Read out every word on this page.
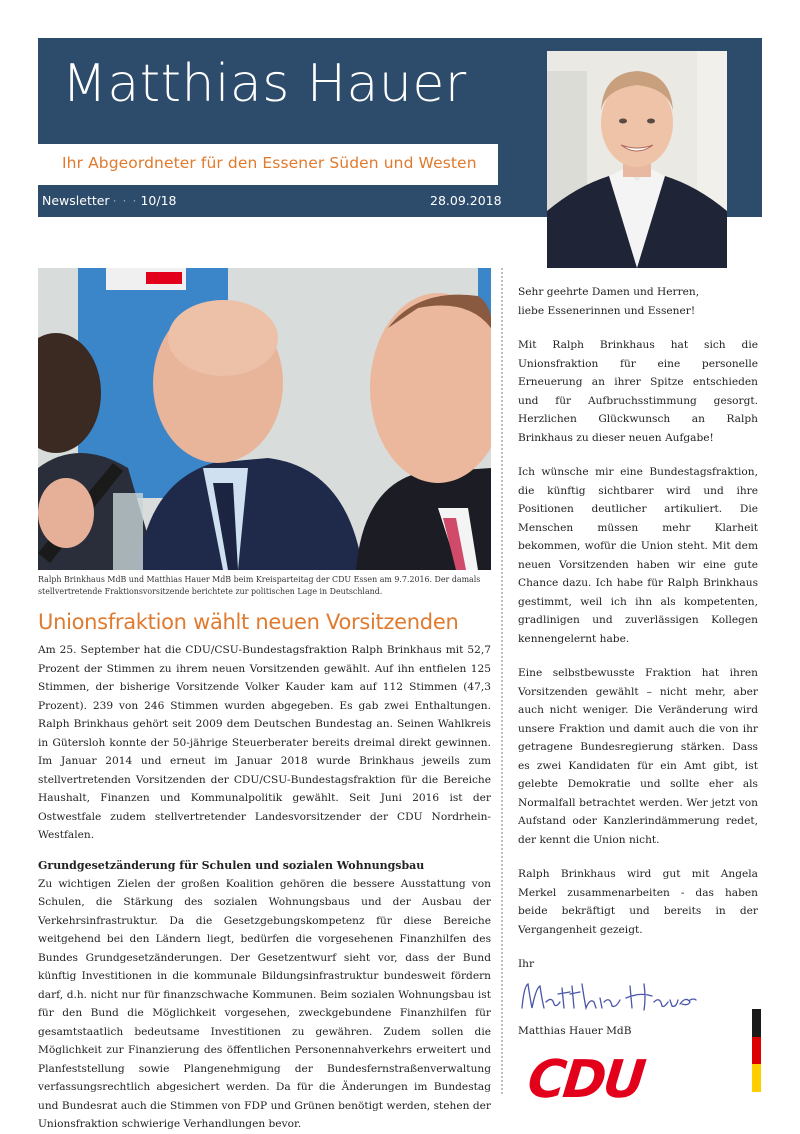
Matthias Hauer
Ihr Abgeordneter für den Essener Süden und Westen
Newsletter · · · 10/18	28.09.2018
Ralph Brinkhaus MdB und Matthias Hauer MdB beim Kreisparteitag der CDU Essen am 9.7.2016. Der damals stellvertretende Fraktionsvorsitzende berichtete zur politischen Lage in Deutschland.
Unionsfraktion wählt neuen Vorsitzenden
Am 25. September hat die CDU/CSU-Bundestagsfraktion Ralph Brinkhaus mit 52,7 Prozent der Stimmen zu ihrem neuen Vorsitzenden gewählt. Auf ihn entfielen 125 Stimmen, der bisherige Vorsitzende Volker Kauder kam auf 112 Stimmen (47,3 Prozent). 239 von 246 Stimmen wurden abgegeben. Es gab zwei Enthaltungen. Ralph Brinkhaus gehört seit 2009 dem Deutschen Bundestag an. Seinen Wahlkreis in Gütersloh konnte der 50-jährige Steuerberater bereits dreimal direkt gewinnen. Im Januar 2014 und erneut im Januar 2018 wurde Brinkhaus jeweils zum stellvertretenden Vorsitzenden der CDU/CSU-Bundestagsfraktion für die Bereiche Haushalt, Finanzen und Kommunalpolitik gewählt. Seit Juni 2016 ist der Ostwestfale zudem stellvertretender Landesvorsitzender der CDU Nordrhein-Westfalen.
Grundgesetzänderung für Schulen und sozialen Wohnungsbau
Zu wichtigen Zielen der großen Koalition gehören die bessere Ausstattung von Schulen, die Stärkung des sozialen Wohnungsbaus und der Ausbau der Verkehrsinfrastruktur. Da die Gesetzgebungskompetenz für diese Bereiche weitgehend bei den Ländern liegt, bedürfen die vorgesehenen Finanzhilfen des Bundes Grundgesetzänderungen. Der Gesetzentwurf sieht vor, dass der Bund künftig Investitionen in die kommunale Bildungsinfrastruktur bundesweit fördern darf, d.h. nicht nur für finanzschwache Kommunen. Beim sozialen Wohnungsbau ist für den Bund die Möglichkeit vorgesehen, zweckgebundene Finanzhilfen für gesamtstaatlich bedeutsame Investitionen zu gewähren. Zudem sollen die Möglichkeit zur Finanzierung des öffentlichen Personennahverkehrs erweitert und Planfeststellung sowie Plangenehmigung der Bundesfernstraßenverwaltung verfassungsrechtlich abgesichert werden. Da für die Änderungen im Bundestag und Bundesrat auch die Stimmen von FDP und Grünen benötigt werden, stehen der Unionsfraktion schwierige Verhandlungen bevor.
Sehr geehrte Damen und Herren,
liebe Essenerinnen und Essener!
Mit Ralph Brinkhaus hat sich die Unionsfraktion für eine personelle Erneuerung an ihrer Spitze entschieden und für Aufbruchsstimmung gesorgt. Herzlichen Glückwunsch an Ralph Brinkhaus zu dieser neuen Aufgabe!
Ich wünsche mir eine Bundestagsfraktion, die künftig sichtbarer wird und ihre Positionen deutlicher artikuliert. Die Menschen müssen mehr Klarheit bekommen, wofür die Union steht. Mit dem neuen Vorsitzenden haben wir eine gute Chance dazu. Ich habe für Ralph Brinkhaus gestimmt, weil ich ihn als kompetenten, gradlinigen und zuverlässigen Kollegen kennengelernt habe.
Eine selbstbewusste Fraktion hat ihren Vorsitzenden gewählt – nicht mehr, aber auch nicht weniger. Die Veränderung wird unsere Fraktion und damit auch die von ihr getragene Bundesregierung stärken. Dass es zwei Kandidaten für ein Amt gibt, ist gelebte Demokratie und sollte eher als Normalfall betrachtet werden. Wer jetzt von Aufstand oder Kanzlerindämmerung redet, der kennt die Union nicht.
Ralph Brinkhaus wird gut mit Angela Merkel zusammenarbeiten - das haben beide bekräftigt und bereits in der Vergangenheit gezeigt.
Ihr
Matthias Hauer MdB
CDU
